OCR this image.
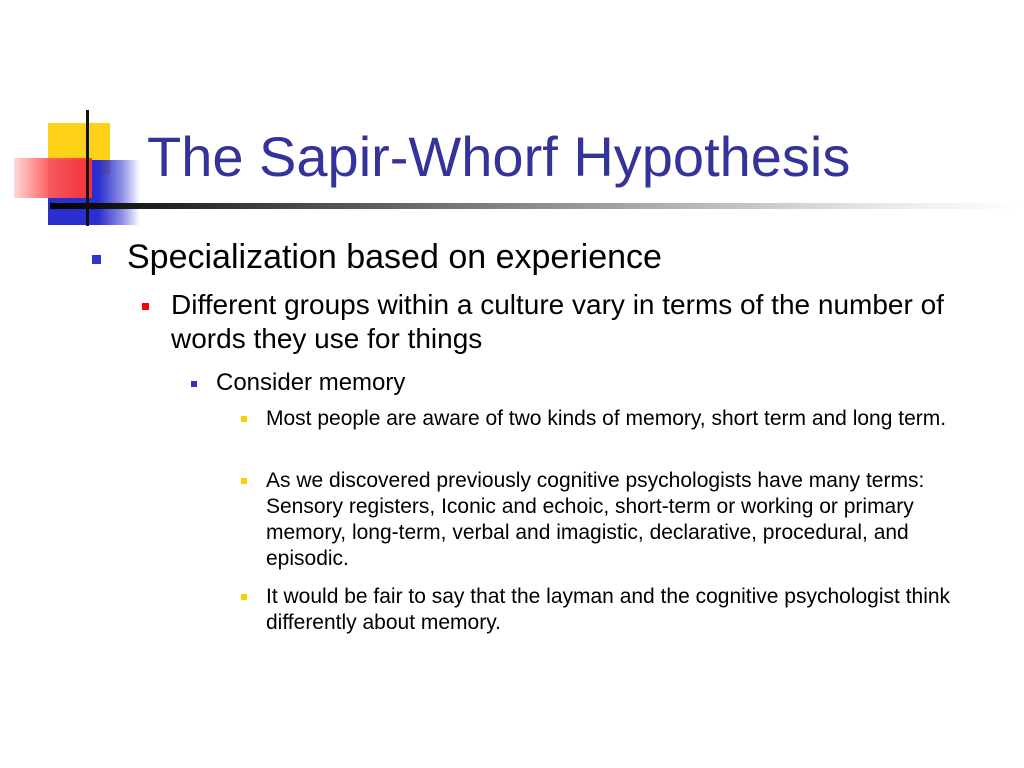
The Sapir-Whorf Hypothesis
Specialization based on experience
Different groups within a culture vary in terms of the number of words they use for things
Consider memory
Most people are aware of two kinds of memory, short term and long term.
As we discovered previously cognitive psychologists have many terms: Sensory registers, Iconic and echoic, short-term or working or primary memory, long-term, verbal and imagistic, declarative, procedural, and episodic.
It would be fair to say that the layman and the cognitive psychologist think differently about memory.
